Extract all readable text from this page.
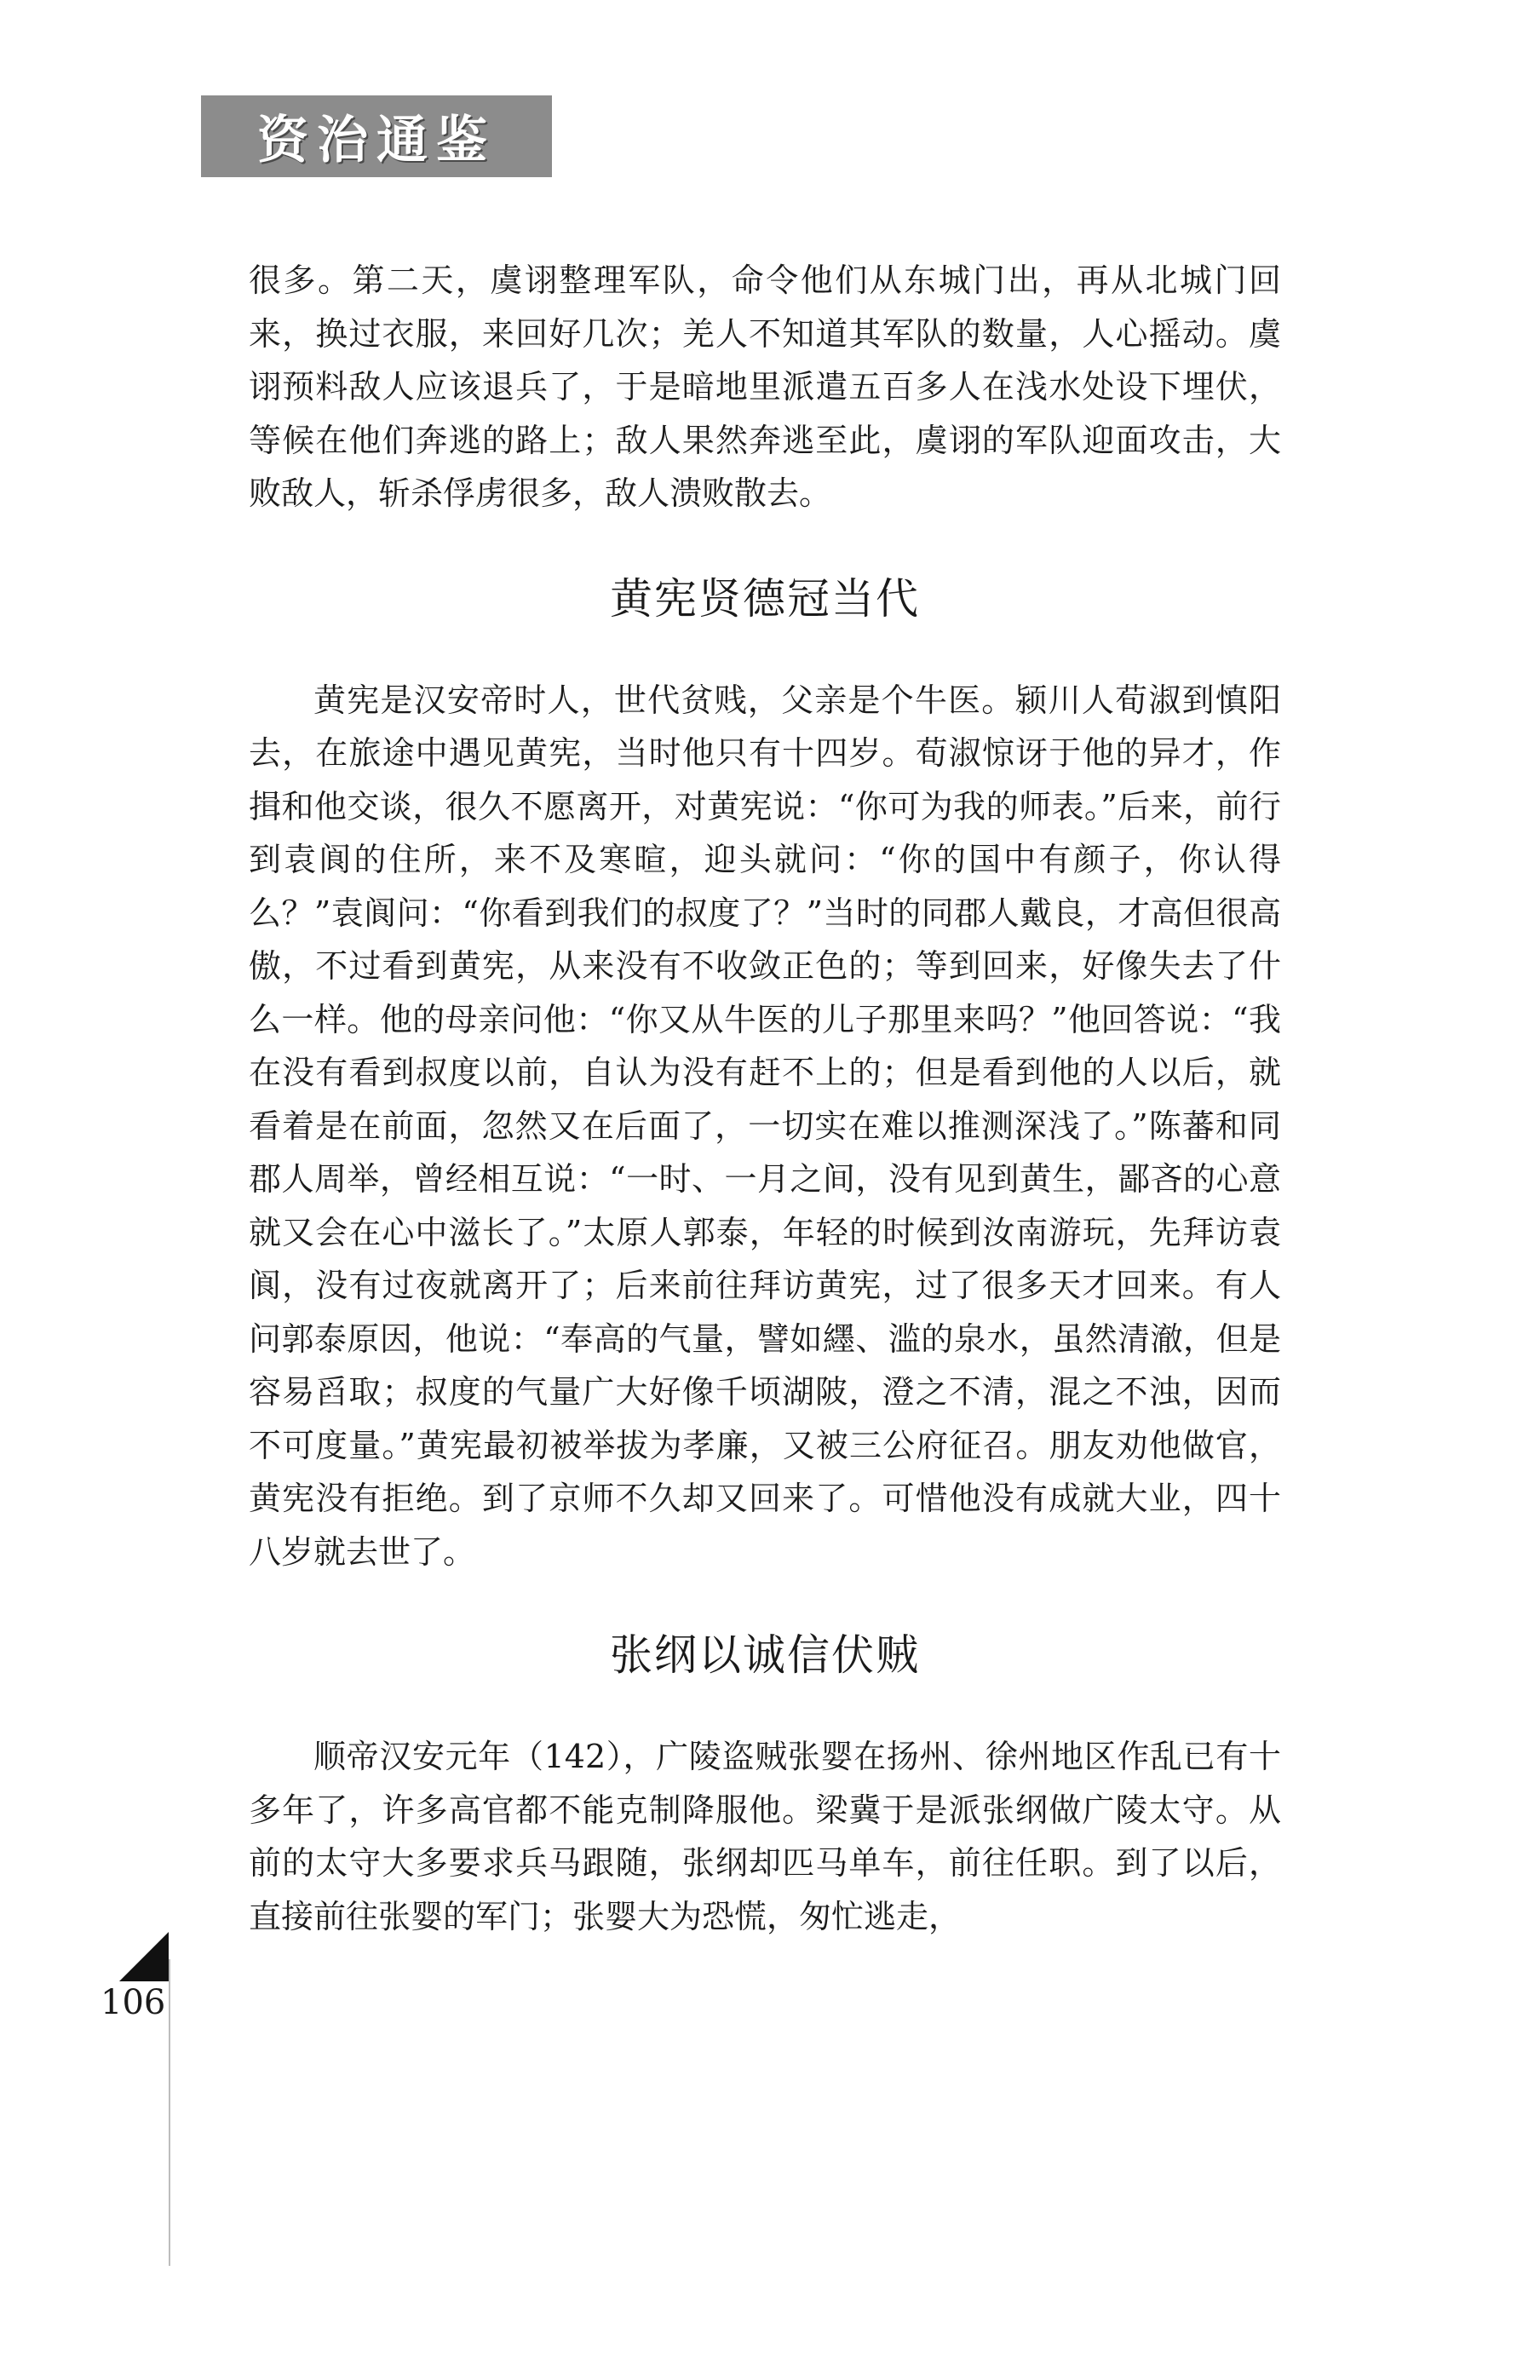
资治通鉴

很多。第二天，虞诩整理军队，命令他们从东城门出，再从北城门回来，换过衣服，来回好几次；羌人不知道其军队的数量，人心摇动。虞诩预料敌人应该退兵了，于是暗地里派遣五百多人在浅水处设下埋伏，等候在他们奔逃的路上；敌人果然奔逃至此，虞诩的军队迎面攻击，大败敌人，斩杀俘虏很多，敌人溃败散去。

黄宪贤德冠当代

黄宪是汉安帝时人，世代贫贱，父亲是个牛医。颍川人荀淑到慎阳去，在旅途中遇见黄宪，当时他只有十四岁。荀淑惊讶于他的异才，作揖和他交谈，很久不愿离开，对黄宪说：“你可为我的师表。”后来，前行到袁阆的住所，来不及寒暄，迎头就问：“你的国中有颜子，你认得么？”袁阆问：“你看到我们的叔度了？”当时的同郡人戴良，才高但很高傲，不过看到黄宪，从来没有不收敛正色的；等到回来，好像失去了什么一样。他的母亲问他：“你又从牛医的儿子那里来吗？”他回答说：“我在没有看到叔度以前，自认为没有赶不上的；但是看到他的人以后，就看着是在前面，忽然又在后面了，一切实在难以推测深浅了。”陈蕃和同郡人周举，曾经相互说：“一时、一月之间，没有见到黄生，鄙吝的心意就又会在心中滋长了。”太原人郭泰，年轻的时候到汝南游玩，先拜访袁阆，没有过夜就离开了；后来前往拜访黄宪，过了很多天才回来。有人问郭泰原因，他说：“奉高的气量，譬如纆、滥的泉水，虽然清澈，但是容易舀取；叔度的气量广大好像千顷湖陂，澄之不清，混之不浊，因而不可度量。”黄宪最初被举拔为孝廉，又被三公府征召。朋友劝他做官，黄宪没有拒绝。到了京师不久却又回来了。可惜他没有成就大业，四十八岁就去世了。

张纲以诚信伏贼

顺帝汉安元年（142），广陵盗贼张婴在扬州、徐州地区作乱已有十多年了，许多高官都不能克制降服他。梁冀于是派张纲做广陵太守。从前的太守大多要求兵马跟随，张纲却匹马单车，前往任职。到了以后，直接前往张婴的军门；张婴大为恐慌，匆忙逃走，

106
